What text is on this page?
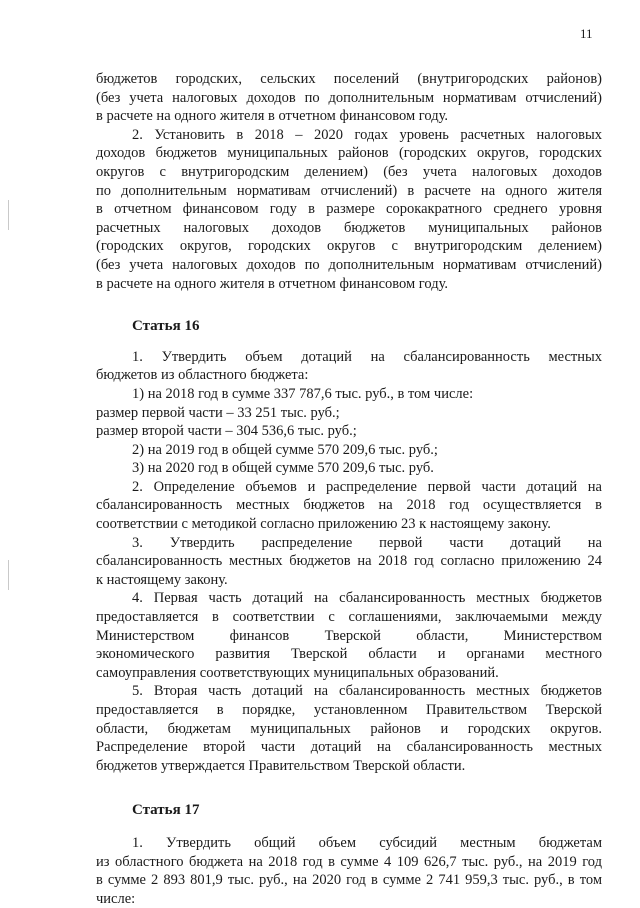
11

бюджетов городских, сельских поселений (внутригородских районов)

(без учета налоговых доходов по дополнительным нормативам отчислений)

в расчете на одного жителя в отчетном финансовом году.

2. Установить в 2018 – 2020 годах уровень расчетных налоговых

доходов бюджетов муниципальных районов (городских округов, городских

округов с внутригородским делением) (без учета налоговых доходов

по дополнительным нормативам отчислений) в расчете на одного жителя

в отчетном финансовом году в размере сорокакратного среднего уровня

расчетных налоговых доходов бюджетов муниципальных районов

(городских округов, городских округов с внутригородским делением)

(без учета налоговых доходов по дополнительным нормативам отчислений)

в расчете на одного жителя в отчетном финансовом году.

Статья 16

1. Утвердить объем дотаций на сбалансированность местных

бюджетов из областного бюджета:

1) на 2018 год в сумме 337 787,6 тыс. руб., в том числе:

размер первой части – 33 251 тыс. руб.;

размер второй части – 304 536,6 тыс. руб.;

2) на 2019 год в общей сумме 570 209,6 тыс. руб.;

3) на 2020 год в общей сумме 570 209,6 тыс. руб.

2. Определение объемов и распределение первой части дотаций на

сбалансированность местных бюджетов на 2018 год осуществляется в

соответствии с методикой согласно приложению 23 к настоящему закону.

3. Утвердить распределение первой части дотаций на

сбалансированность местных бюджетов на 2018 год согласно приложению 24

к настоящему закону.

4. Первая часть дотаций на сбалансированность местных бюджетов

предоставляется в соответствии с соглашениями, заключаемыми между

Министерством финансов Тверской области, Министерством

экономического развития Тверской области и органами местного

самоуправления соответствующих муниципальных образований.

5. Вторая часть дотаций на сбалансированность местных бюджетов

предоставляется в порядке, установленном Правительством Тверской

области, бюджетам муниципальных районов и городских округов.

Распределение второй части дотаций на сбалансированность местных

бюджетов утверждается Правительством Тверской области.

Статья 17

1. Утвердить общий объем субсидий местным бюджетам

из областного бюджета на 2018 год в сумме 4 109 626,7 тыс. руб., на 2019 год

в сумме 2 893 801,9 тыс. руб., на 2020 год в сумме 2 741 959,3 тыс. руб., в том

числе:
